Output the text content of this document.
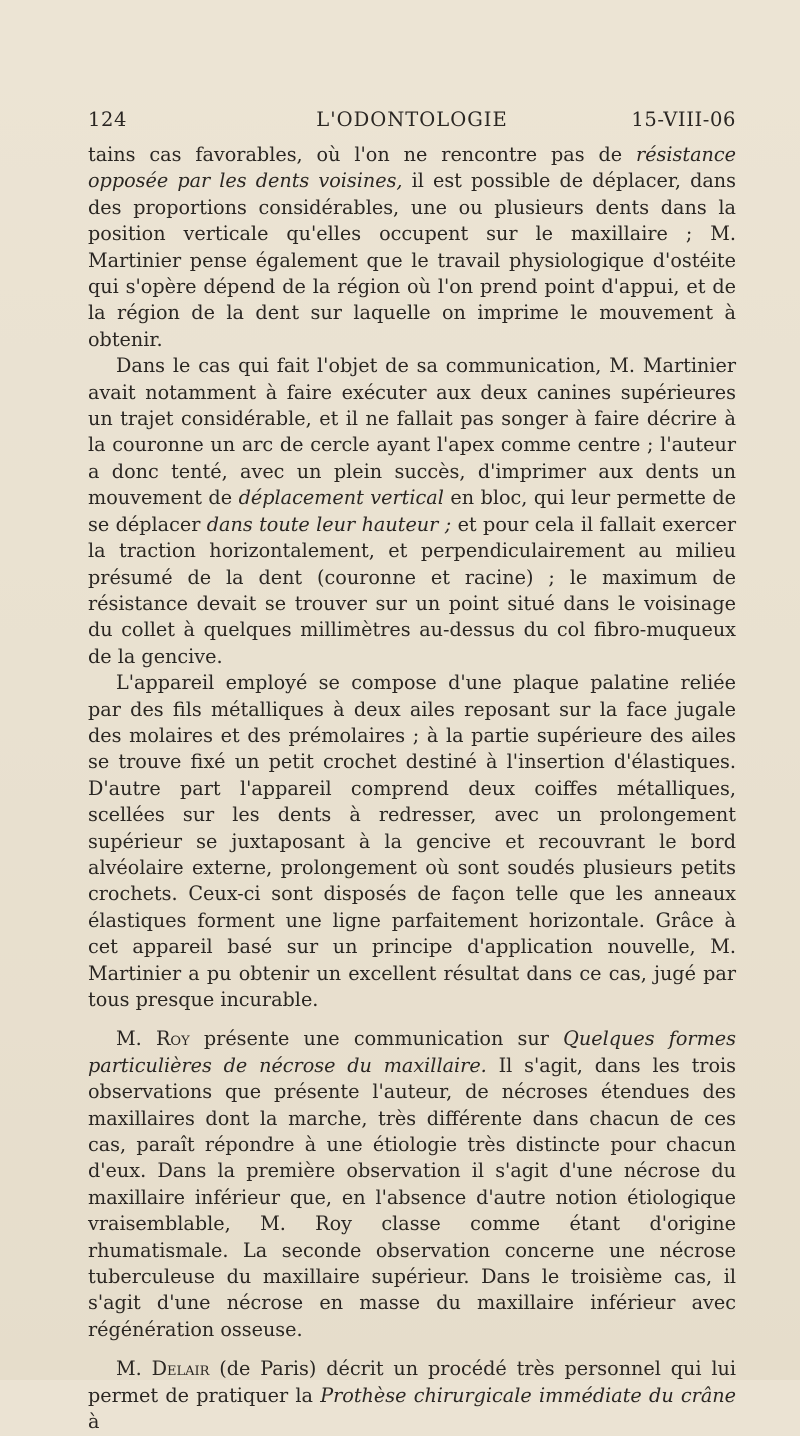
124	L'ODONTOLOGIE	15-VIII-06

tains cas favorables, où l'on ne rencontre pas de résistance opposée par les dents voisines, il est possible de déplacer, dans des proportions considérables, une ou plusieurs dents dans la position verticale qu'elles occupent sur le maxillaire ; M. Martinier pense également que le travail physiologique d'ostéite qui s'opère dépend de la région où l'on prend point d'appui, et de la région de la dent sur laquelle on imprime le mouvement à obtenir.

Dans le cas qui fait l'objet de sa communication, M. Martinier avait notamment à faire exécuter aux deux canines supérieures un trajet considérable, et il ne fallait pas songer à faire décrire à la couronne un arc de cercle ayant l'apex comme centre ; l'auteur a donc tenté, avec un plein succès, d'imprimer aux dents un mouvement de déplacement vertical en bloc, qui leur permette de se déplacer dans toute leur hauteur ; et pour cela il fallait exercer la traction horizontalement, et perpendiculairement au milieu présumé de la dent (couronne et racine) ; le maximum de résistance devait se trouver sur un point situé dans le voisinage du collet à quelques millimètres au-dessus du col fibro-muqueux de la gencive.

L'appareil employé se compose d'une plaque palatine reliée par des fils métalliques à deux ailes reposant sur la face jugale des molaires et des prémolaires ; à la partie supérieure des ailes se trouve fixé un petit crochet destiné à l'insertion d'élastiques. D'autre part l'appareil comprend deux coiffes métalliques, scellées sur les dents à redresser, avec un prolongement supérieur se juxtaposant à la gencive et recouvrant le bord alvéolaire externe, prolongement où sont soudés plusieurs petits crochets. Ceux-ci sont disposés de façon telle que les anneaux élastiques forment une ligne parfaitement horizontale. Grâce à cet appareil basé sur un principe d'application nouvelle, M. Martinier a pu obtenir un excellent résultat dans ce cas, jugé par tous presque incurable.

M. Roy présente une communication sur Quelques formes particulières de nécrose du maxillaire. Il s'agit, dans les trois observations que présente l'auteur, de nécroses étendues des maxillaires dont la marche, très différente dans chacun de ces cas, paraît répondre à une étiologie très distincte pour chacun d'eux. Dans la première observation il s'agit d'une nécrose du maxillaire inférieur que, en l'absence d'autre notion étiologique vraisemblable, M. Roy classe comme étant d'origine rhumatismale. La seconde observation concerne une nécrose tuberculeuse du maxillaire supérieur. Dans le troisième cas, il s'agit d'une nécrose en masse du maxillaire inférieur avec régénération osseuse.

M. Delair (de Paris) décrit un procédé très personnel qui lui permet de pratiquer la Prothèse chirurgicale immédiate du crâne à
